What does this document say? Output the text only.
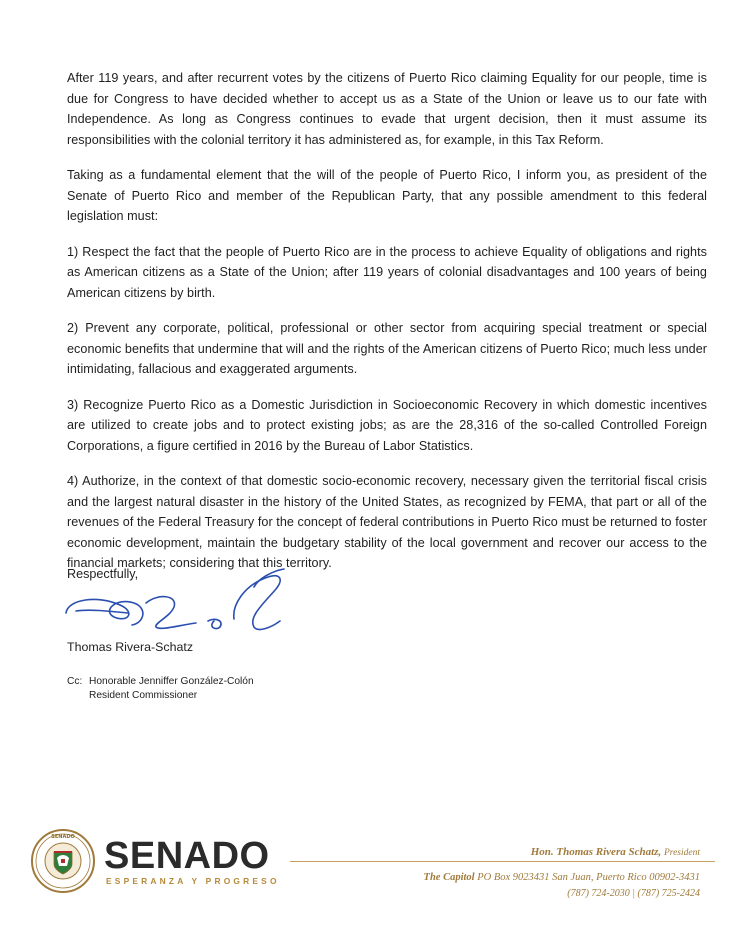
After 119 years, and after recurrent votes by the citizens of Puerto Rico claiming Equality for our people, time is due for Congress to have decided whether to accept us as a State of the Union or leave us to our fate with Independence. As long as Congress continues to evade that urgent decision, then it must assume its responsibilities with the colonial territory it has administered as, for example, in this Tax Reform.

Taking as a fundamental element that the will of the people of Puerto Rico, I inform you, as president of the Senate of Puerto Rico and member of the Republican Party, that any possible amendment to this federal legislation must:

1) Respect the fact that the people of Puerto Rico are in the process to achieve Equality of obligations and rights as American citizens as a State of the Union; after 119 years of colonial disadvantages and 100 years of being American citizens by birth.

2) Prevent any corporate, political, professional or other sector from acquiring special treatment or special economic benefits that undermine that will and the rights of the American citizens of Puerto Rico; much less under intimidating, fallacious and exaggerated arguments.

3) Recognize Puerto Rico as a Domestic Jurisdiction in Socioeconomic Recovery in which domestic incentives are utilized to create jobs and to protect existing jobs; as are the 28,316 of the so-called Controlled Foreign Corporations, a figure certified in 2016 by the Bureau of Labor Statistics.

4) Authorize, in the context of that domestic socio-economic recovery, necessary given the territorial fiscal crisis and the largest natural disaster in the history of the United States, as recognized by FEMA, that part or all of the revenues of the Federal Treasury for the concept of federal contributions in Puerto Rico must be returned to foster economic development, maintain the budgetary stability of the local government and recover our access to the financial markets; considering that this territory.

Respectfully,
Thomas Rivera-Schatz
Cc: Honorable Jenniffer González-Colón
Resident Commissioner
SENADO SENADO
ESPERANZA Y PROGRESO
Hon. Thomas Rivera Schatz, President
The Capitol PO Box 9023431 San Juan, Puerto Rico 00902-3431
(787) 724-2030 | (787) 725-2424
